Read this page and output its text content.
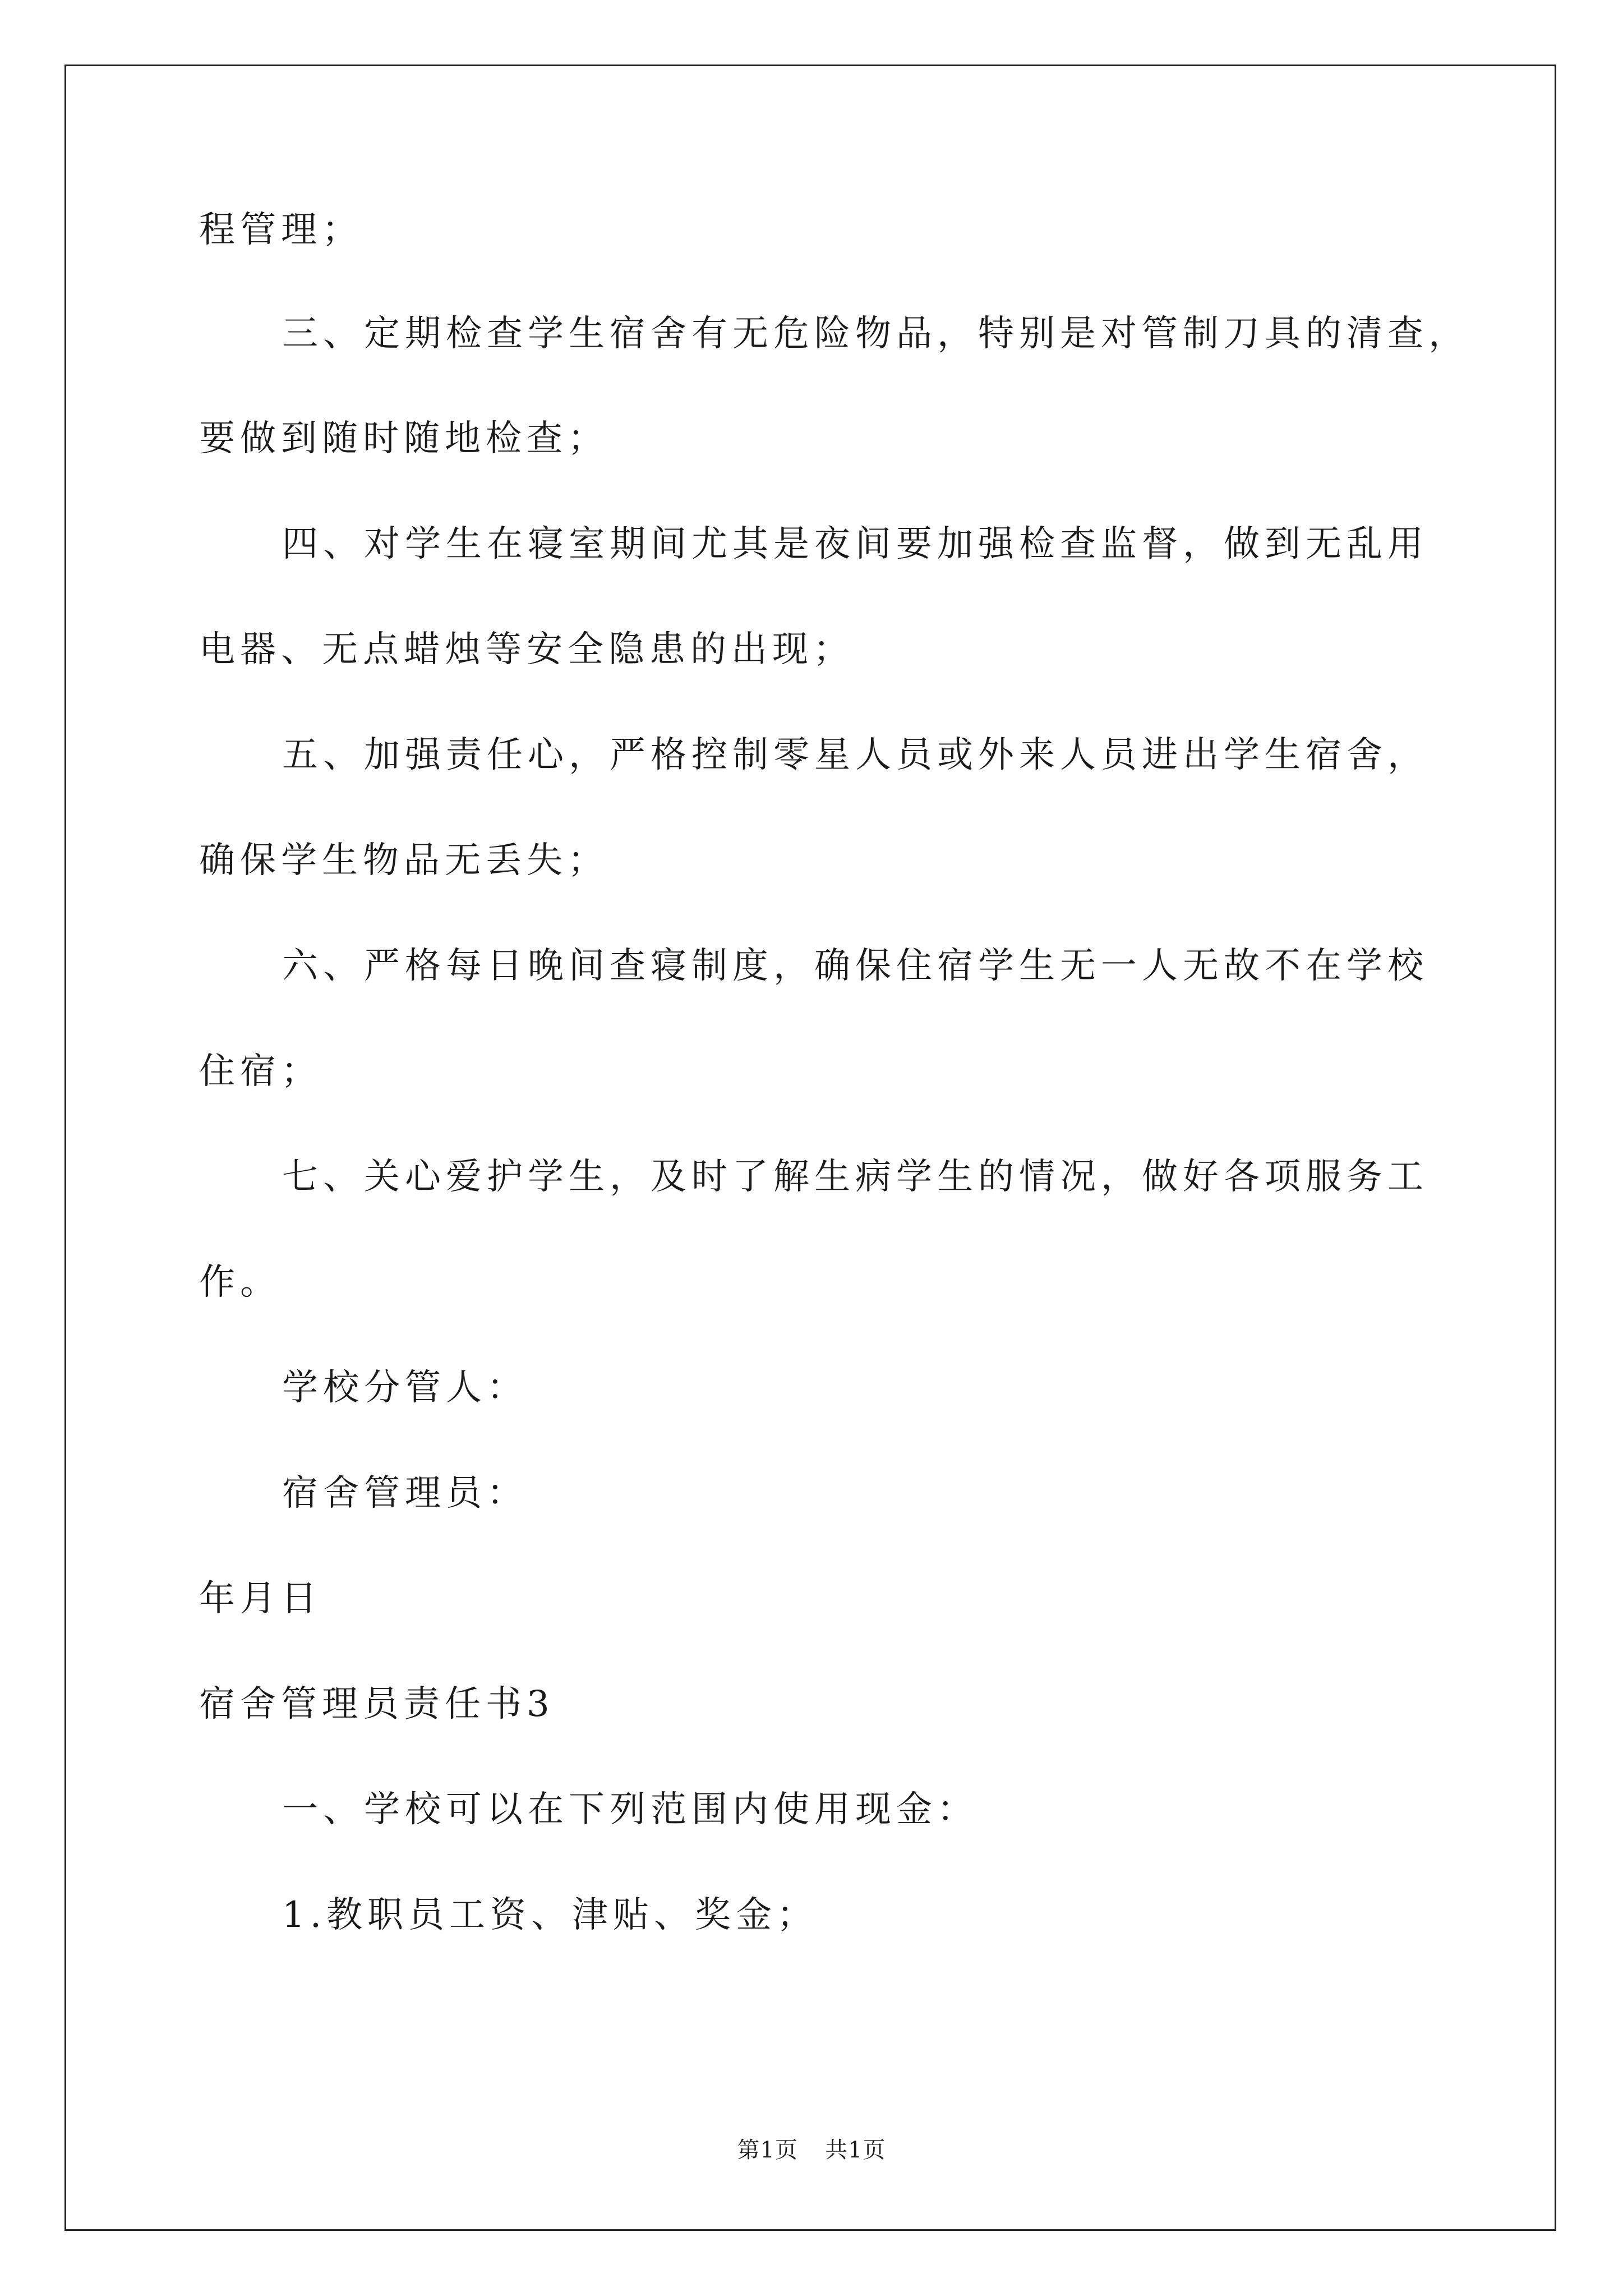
程管理；
三、定期检查学生宿舍有无危险物品，特别是对管制刀具的清查，
要做到随时随地检查；
四、对学生在寝室期间尤其是夜间要加强检查监督，做到无乱用
电器、无点蜡烛等安全隐患的出现；
五、加强责任心，严格控制零星人员或外来人员进出学生宿舍，
确保学生物品无丢失；
六、严格每日晚间查寝制度，确保住宿学生无一人无故不在学校
住宿；
七、关心爱护学生，及时了解生病学生的情况，做好各项服务工
作。
学校分管人：
宿舍管理员：
年月日
宿舍管理员责任书3
一、学校可以在下列范围内使用现金：
1.教职员工资、津贴、奖金；
第1页 共1页
